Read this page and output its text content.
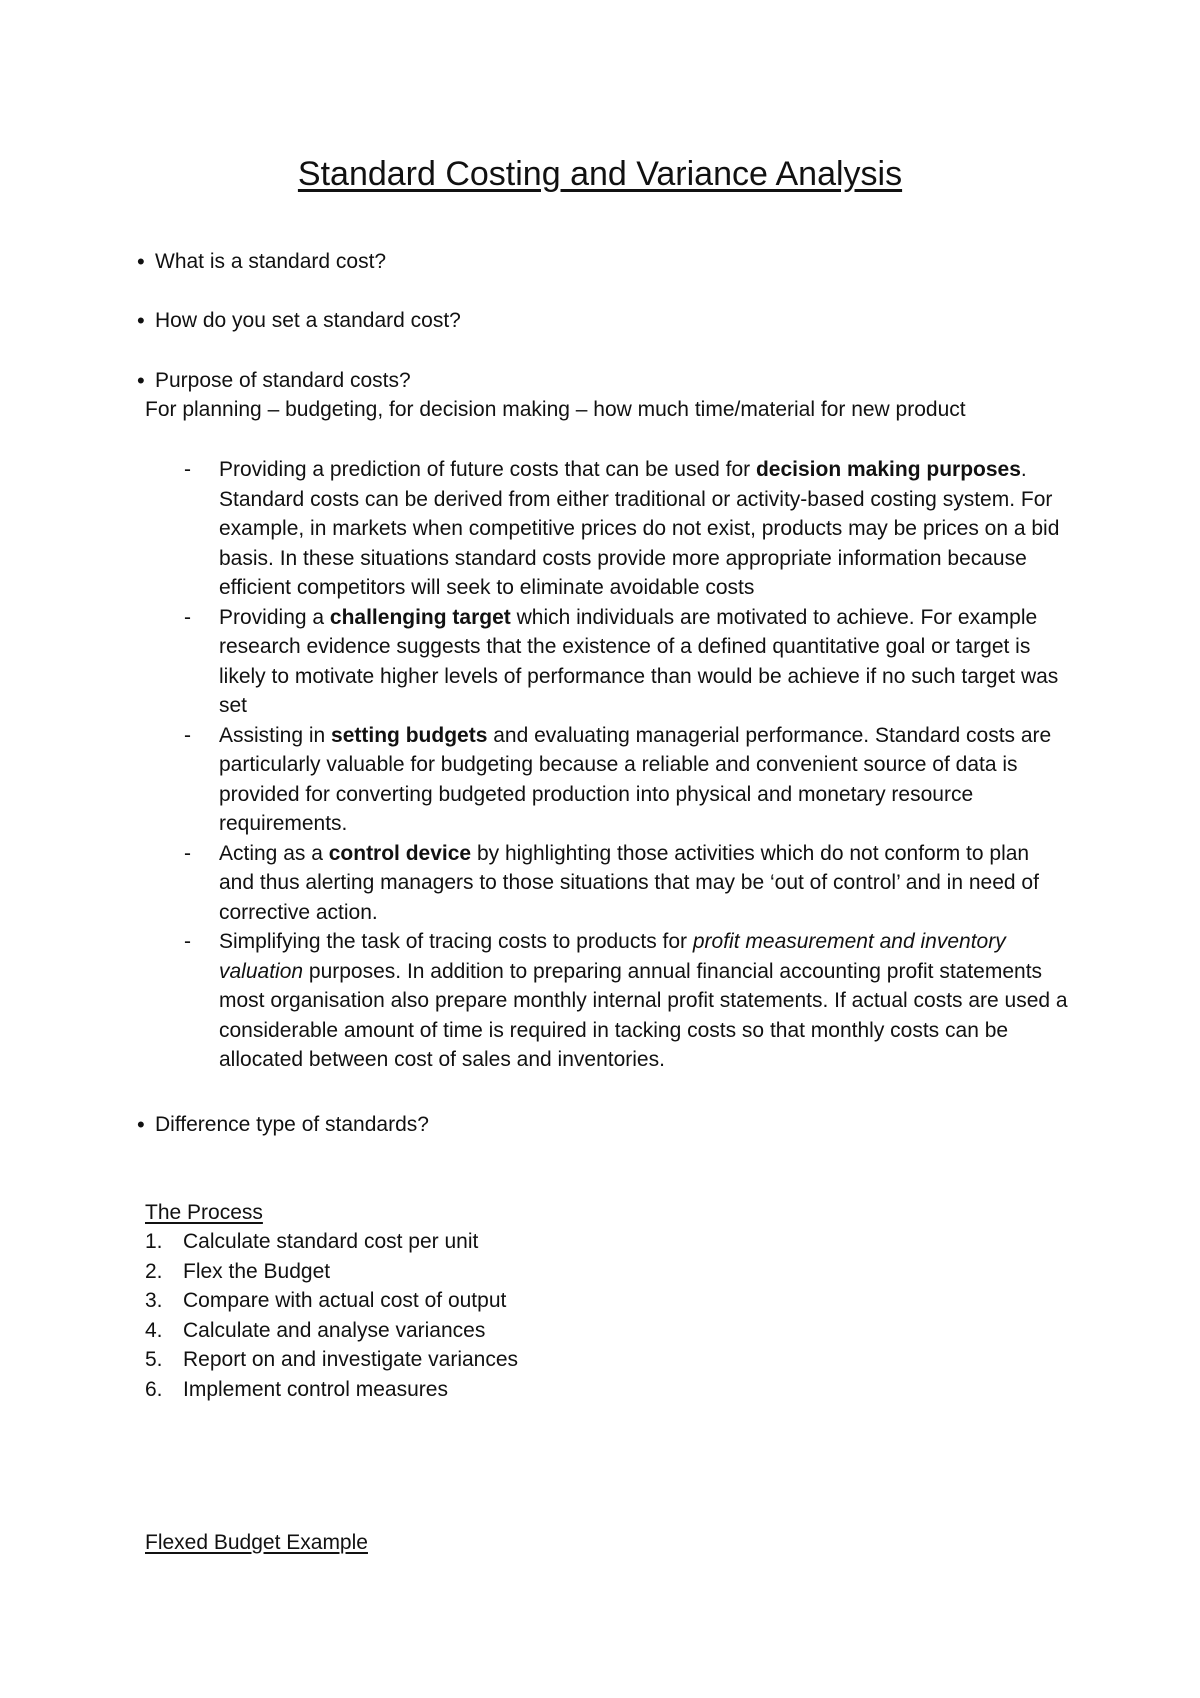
Standard Costing and Variance Analysis
• What is a standard cost?
• How do you set a standard cost?
• Purpose of standard costs?
For planning – budgeting, for decision making – how much time/material for new product
- Providing a prediction of future costs that can be used for decision making purposes. Standard costs can be derived from either traditional or activity-based costing system. For example, in markets when competitive prices do not exist, products may be prices on a bid basis. In these situations standard costs provide more appropriate information because efficient competitors will seek to eliminate avoidable costs
- Providing a challenging target which individuals are motivated to achieve. For example research evidence suggests that the existence of a defined quantitative goal or target is likely to motivate higher levels of performance than would be achieve if no such target was set
- Assisting in setting budgets and evaluating managerial performance. Standard costs are particularly valuable for budgeting because a reliable and convenient source of data is provided for converting budgeted production into physical and monetary resource requirements.
- Acting as a control device by highlighting those activities which do not conform to plan and thus alerting managers to those situations that may be ‘out of control’ and in need of corrective action.
- Simplifying the task of tracing costs to products for profit measurement and inventory valuation purposes. In addition to preparing annual financial accounting profit statements most organisation also prepare monthly internal profit statements. If actual costs are used a considerable amount of time is required in tacking costs so that monthly costs can be allocated between cost of sales and inventories.
• Difference type of standards?
The Process
1. Calculate standard cost per unit
2. Flex the Budget
3. Compare with actual cost of output
4. Calculate and analyse variances
5. Report on and investigate variances
6. Implement control measures
Flexed Budget Example
